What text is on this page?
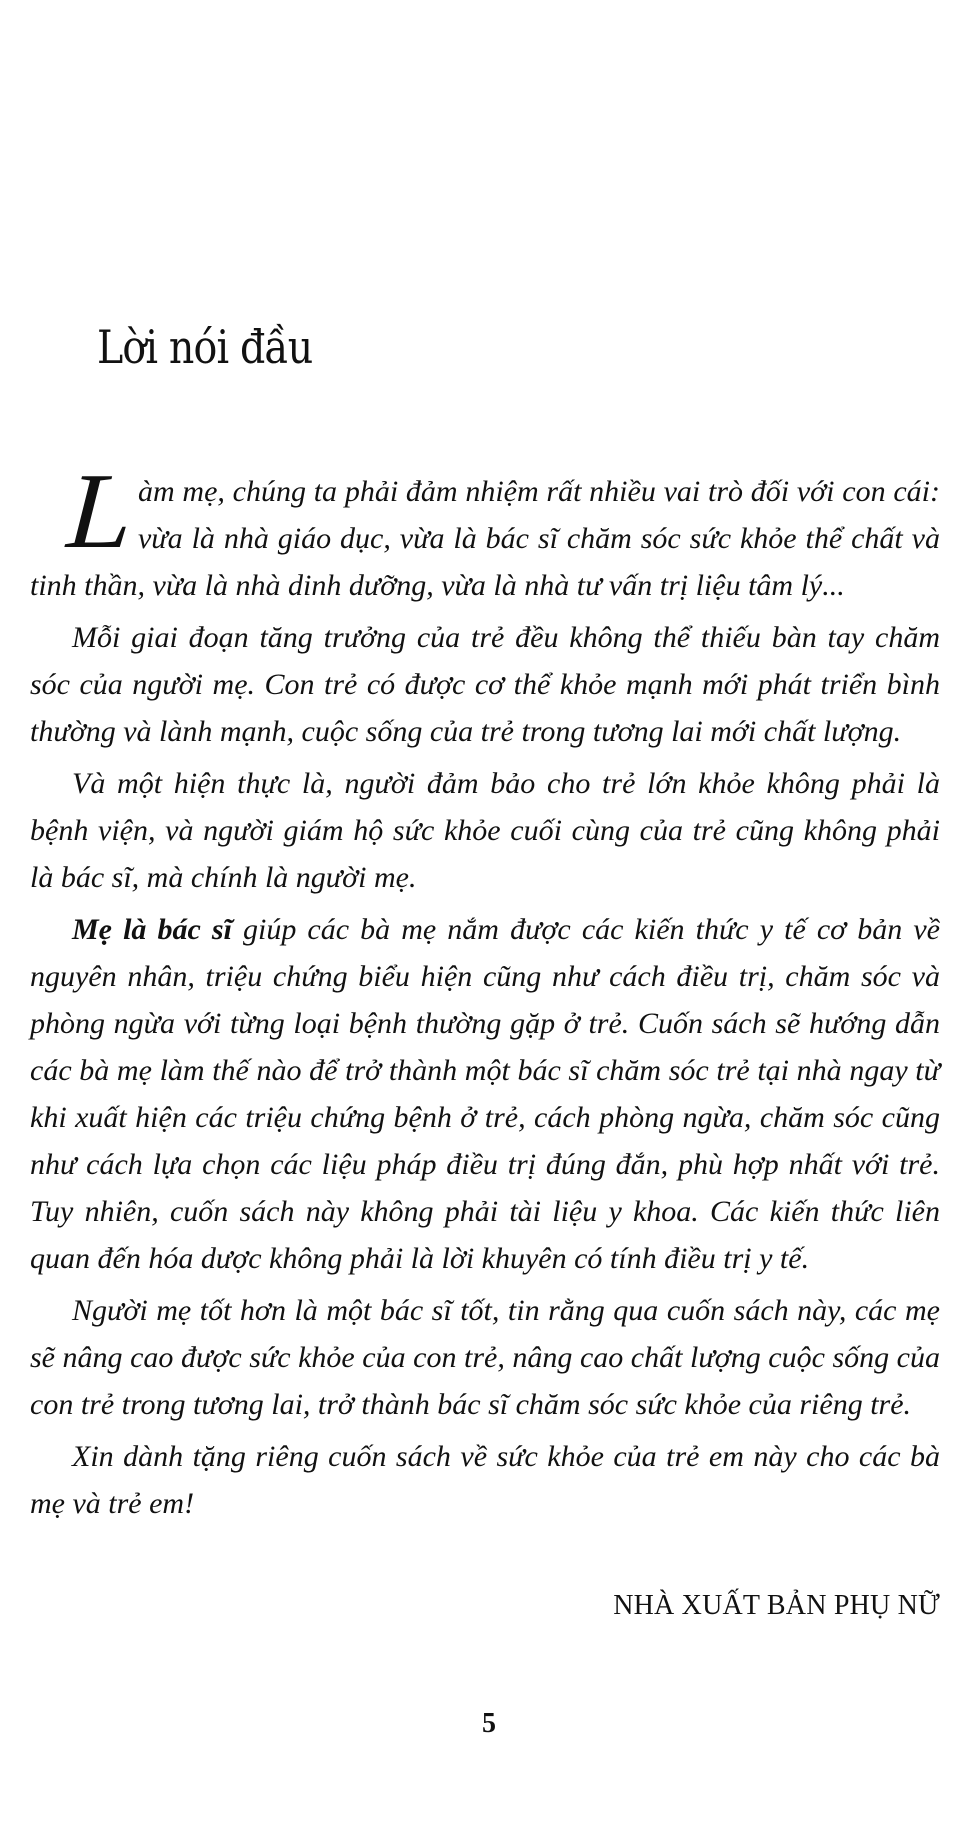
Lời nói đầu

L
àm mẹ, chúng ta phải đảm nhiệm rất nhiều vai trò đối với con cái: vừa là nhà giáo dục, vừa là bác sĩ chăm sóc sức khỏe thể chất và tinh thần, vừa là nhà dinh dưỡng, vừa là nhà tư vấn trị liệu tâm lý...

Mỗi giai đoạn tăng trưởng của trẻ đều không thể thiếu bàn tay chăm sóc của người mẹ. Con trẻ có được cơ thể khỏe mạnh mới phát triển bình thường và lành mạnh, cuộc sống của trẻ trong tương lai mới chất lượng.

Và một hiện thực là, người đảm bảo cho trẻ lớn khỏe không phải là bệnh viện, và người giám hộ sức khỏe cuối cùng của trẻ cũng không phải là bác sĩ, mà chính là người mẹ.

Mẹ là bác sĩ giúp các bà mẹ nắm được các kiến thức y tế cơ bản về nguyên nhân, triệu chứng biểu hiện cũng như cách điều trị, chăm sóc và phòng ngừa với từng loại bệnh thường gặp ở trẻ. Cuốn sách sẽ hướng dẫn các bà mẹ làm thế nào để trở thành một bác sĩ chăm sóc trẻ tại nhà ngay từ khi xuất hiện các triệu chứng bệnh ở trẻ, cách phòng ngừa, chăm sóc cũng như cách lựa chọn các liệu pháp điều trị đúng đắn, phù hợp nhất với trẻ. Tuy nhiên, cuốn sách này không phải tài liệu y khoa. Các kiến thức liên quan đến hóa dược không phải là lời khuyên có tính điều trị y tế.

Người mẹ tốt hơn là một bác sĩ tốt, tin rằng qua cuốn sách này, các mẹ sẽ nâng cao được sức khỏe của con trẻ, nâng cao chất lượng cuộc sống của con trẻ trong tương lai, trở thành bác sĩ chăm sóc sức khỏe của riêng trẻ.

Xin dành tặng riêng cuốn sách về sức khỏe của trẻ em này cho các bà mẹ và trẻ em!

NHÀ XUẤT BẢN PHỤ NỮ
5
